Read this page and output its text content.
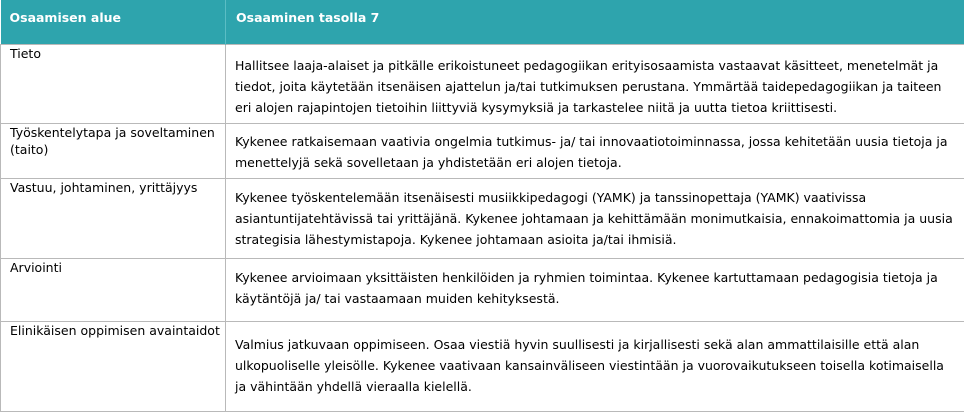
Osaamisen alue	Osaaminen tasolla 7
Tieto	Hallitsee laaja-alaiset ja pitkälle erikoistuneet pedagogiikan erityisosaamista vastaavat käsitteet, menetelmät ja tiedot, joita käytetään itsenäisen ajattelun ja/tai tutkimuksen perustana. Ymmärtää taidepedagogiikan ja taiteen eri alojen rajapintojen tietoihin liittyviä kysymyksiä ja tarkastelee niitä ja uutta tietoa kriittisesti.
Työskentelytapa ja soveltaminen (taito)	Kykenee ratkaisemaan vaativia ongelmia tutkimus- ja/ tai innovaatiotoiminnassa, jossa kehitetään uusia tietoja ja menettelyjä sekä sovelletaan ja yhdistetään eri alojen tietoja.
Vastuu, johtaminen, yrittäjyys	Kykenee työskentelemään itsenäisesti musiikkipedagogi (YAMK) ja tanssinopettaja (YAMK) vaativissa asiantuntijatehtävissä tai yrittäjänä. Kykenee johtamaan ja kehittämään monimutkaisia, ennakoimattomia ja uusia strategisia lähestymistapoja. Kykenee johtamaan asioita ja/tai ihmisiä.
Arviointi	Kykenee arvioimaan yksittäisten henkilöiden ja ryhmien toimintaa. Kykenee kartuttamaan pedagogisia tietoja ja käytäntöjä ja/ tai vastaamaan muiden kehityksestä.
Elinikäisen oppimisen avaintaidot	Valmius jatkuvaan oppimiseen. Osaa viestiä hyvin suullisesti ja kirjallisesti sekä alan ammattilaisille että alan ulkopuoliselle yleisölle. Kykenee vaativaan kansainväliseen viestintään ja vuorovaikutukseen toisella kotimaisella ja vähintään yhdellä vieraalla kielellä.
